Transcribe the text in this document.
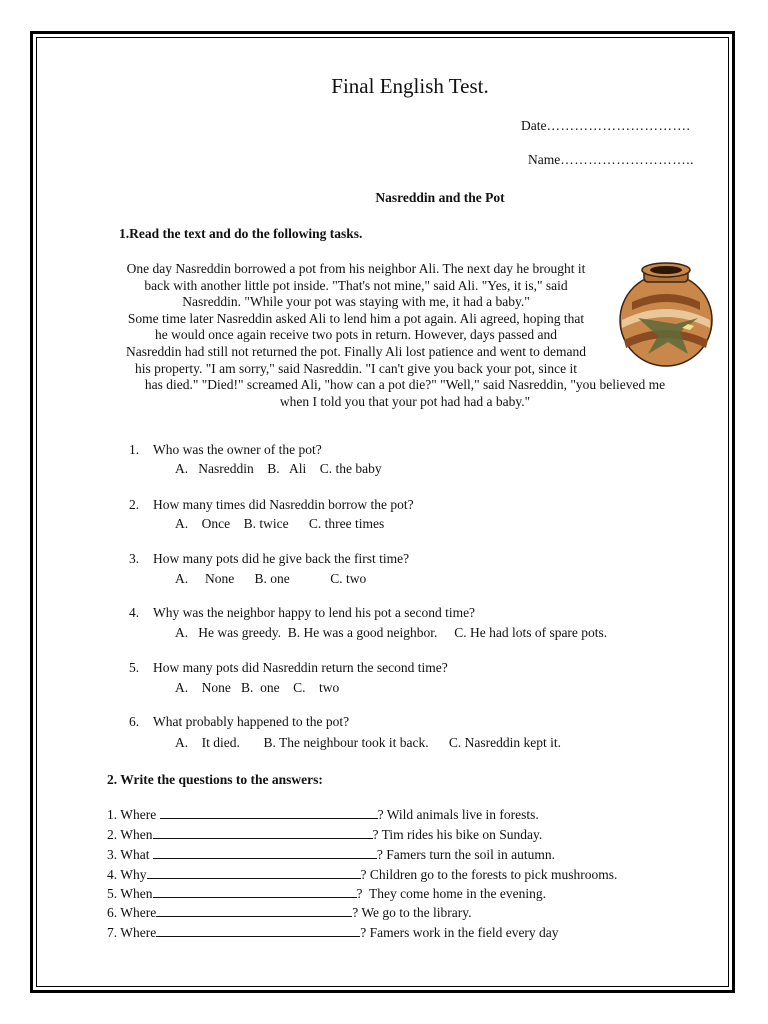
Final English Test.
Date………………………….
Name………………………..
Nasreddin and the Pot
1.Read the text and do the following tasks.

One day Nasreddin borrowed a pot from his neighbor Ali. The next day he brought it

back with another little pot inside. "That's not mine," said Ali. "Yes, it is," said

Nasreddin. "While your pot was staying with me, it had a baby."

Some time later Nasreddin asked Ali to lend him a pot again. Ali agreed, hoping that

he would once again receive two pots in return. However, days passed and

Nasreddin had still not returned the pot. Finally Ali lost patience and went to demand

his property. "I am sorry," said Nasreddin. "I can't give you back your pot, since it

has died." "Died!" screamed Ali, "how can a pot die?" "Well," said Nasreddin, "you believed me

when I told you that your pot had had a baby."

1. Who was the owner of the pot?
A.   Nasreddin B.   Ali C. the baby
2. How many times did Nasreddin borrow the pot?
A.    Once B. twice C. three times
3. How many pots did he give back the first time?
A.     None B. one	C. two
4. Why was the neighbor happy to lend his pot a second time?
A.   He was greedy. B. He was a good neighbor. C. He had lots of spare pots.
5. How many pots did Nasreddin return the second time?
A.    None B.  one C.    two
6. What probably happened to the pot?
A.    It died. B. The neighbour took it back. C. Nasreddin kept it.
2. Write the questions to the answers:
1. Where	? Wild animals live in forests.
2. When	? Tim rides his bike on Sunday.
3. What	? Famers turn the soil in autumn.
4. Why	? Children go to the forests to pick mushrooms.
5. When	?  They come home in the evening.
6. Where	? We go to the library.
7. Where	? Famers work in the field every day
